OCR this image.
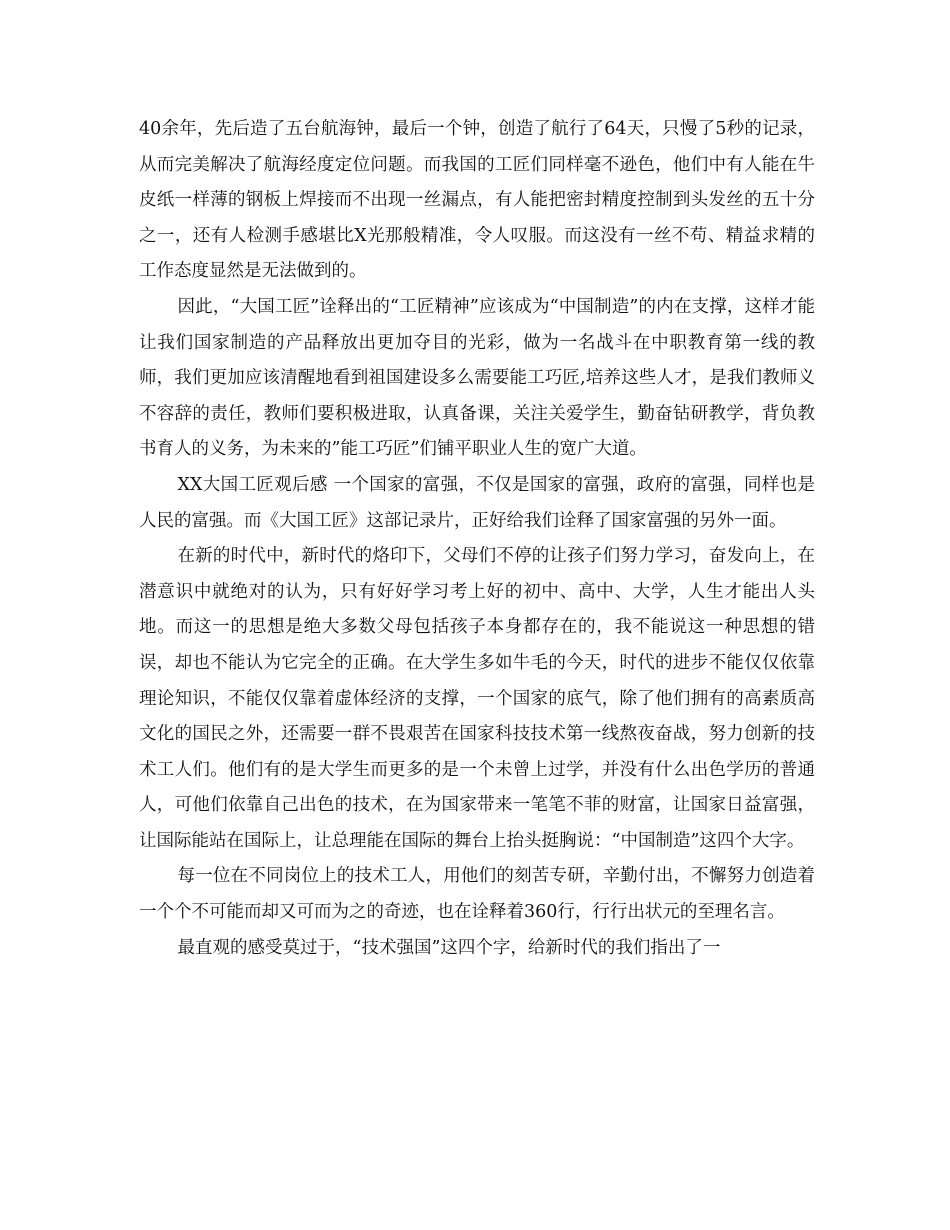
40余年，先后造了五台航海钟，最后一个钟，创造了航行了64天，只慢了5秒的记录，从而完美解决了航海经度定位问题。而我国的工匠们同样毫不逊色，他们中有人能在牛皮纸一样薄的钢板上焊接而不出现一丝漏点，有人能把密封精度控制到头发丝的五十分之一，还有人检测手感堪比X光那般精准，令人叹服。而这没有一丝不苟、精益求精的工作态度显然是无法做到的。

因此，“大国工匠”诠释出的“工匠精神”应该成为“中国制造”的内在支撑，这样才能让我们国家制造的产品释放出更加夺目的光彩，做为一名战斗在中职教育第一线的教师，我们更加应该清醒地看到祖国建设多么需要能工巧匠,培养这些人才，是我们教师义不容辞的责任，教师们要积极进取，认真备课，关注关爱学生，勤奋钻研教学，背负教书育人的义务，为未来的”能工巧匠”们铺平职业人生的宽广大道。

XX大国工匠观后感 一个国家的富强，不仅是国家的富强，政府的富强，同样也是人民的富强。而《大国工匠》这部记录片，正好给我们诠释了国家富强的另外一面。

在新的时代中，新时代的烙印下，父母们不停的让孩子们努力学习，奋发向上，在潜意识中就绝对的认为，只有好好学习考上好的初中、高中、大学，人生才能出人头地。而这一的思想是绝大多数父母包括孩子本身都存在的，我不能说这一种思想的错误，却也不能认为它完全的正确。在大学生多如牛毛的今天，时代的进步不能仅仅依靠理论知识，不能仅仅靠着虚体经济的支撑，一个国家的底气，除了他们拥有的高素质高文化的国民之外，还需要一群不畏艰苦在国家科技技术第一线熬夜奋战，努力创新的技术工人们。他们有的是大学生而更多的是一个未曾上过学，并没有什么出色学历的普通人，可他们依靠自己出色的技术，在为国家带来一笔笔不菲的财富，让国家日益富强，让国际能站在国际上，让总理能在国际的舞台上抬头挺胸说：“中国制造”这四个大字。

每一位在不同岗位上的技术工人，用他们的刻苦专研，辛勤付出，不懈努力创造着一个个不可能而却又可而为之的奇迹，也在诠释着360行，行行出状元的至理名言。

最直观的感受莫过于，“技术强国”这四个字，给新时代的我们指出了一
